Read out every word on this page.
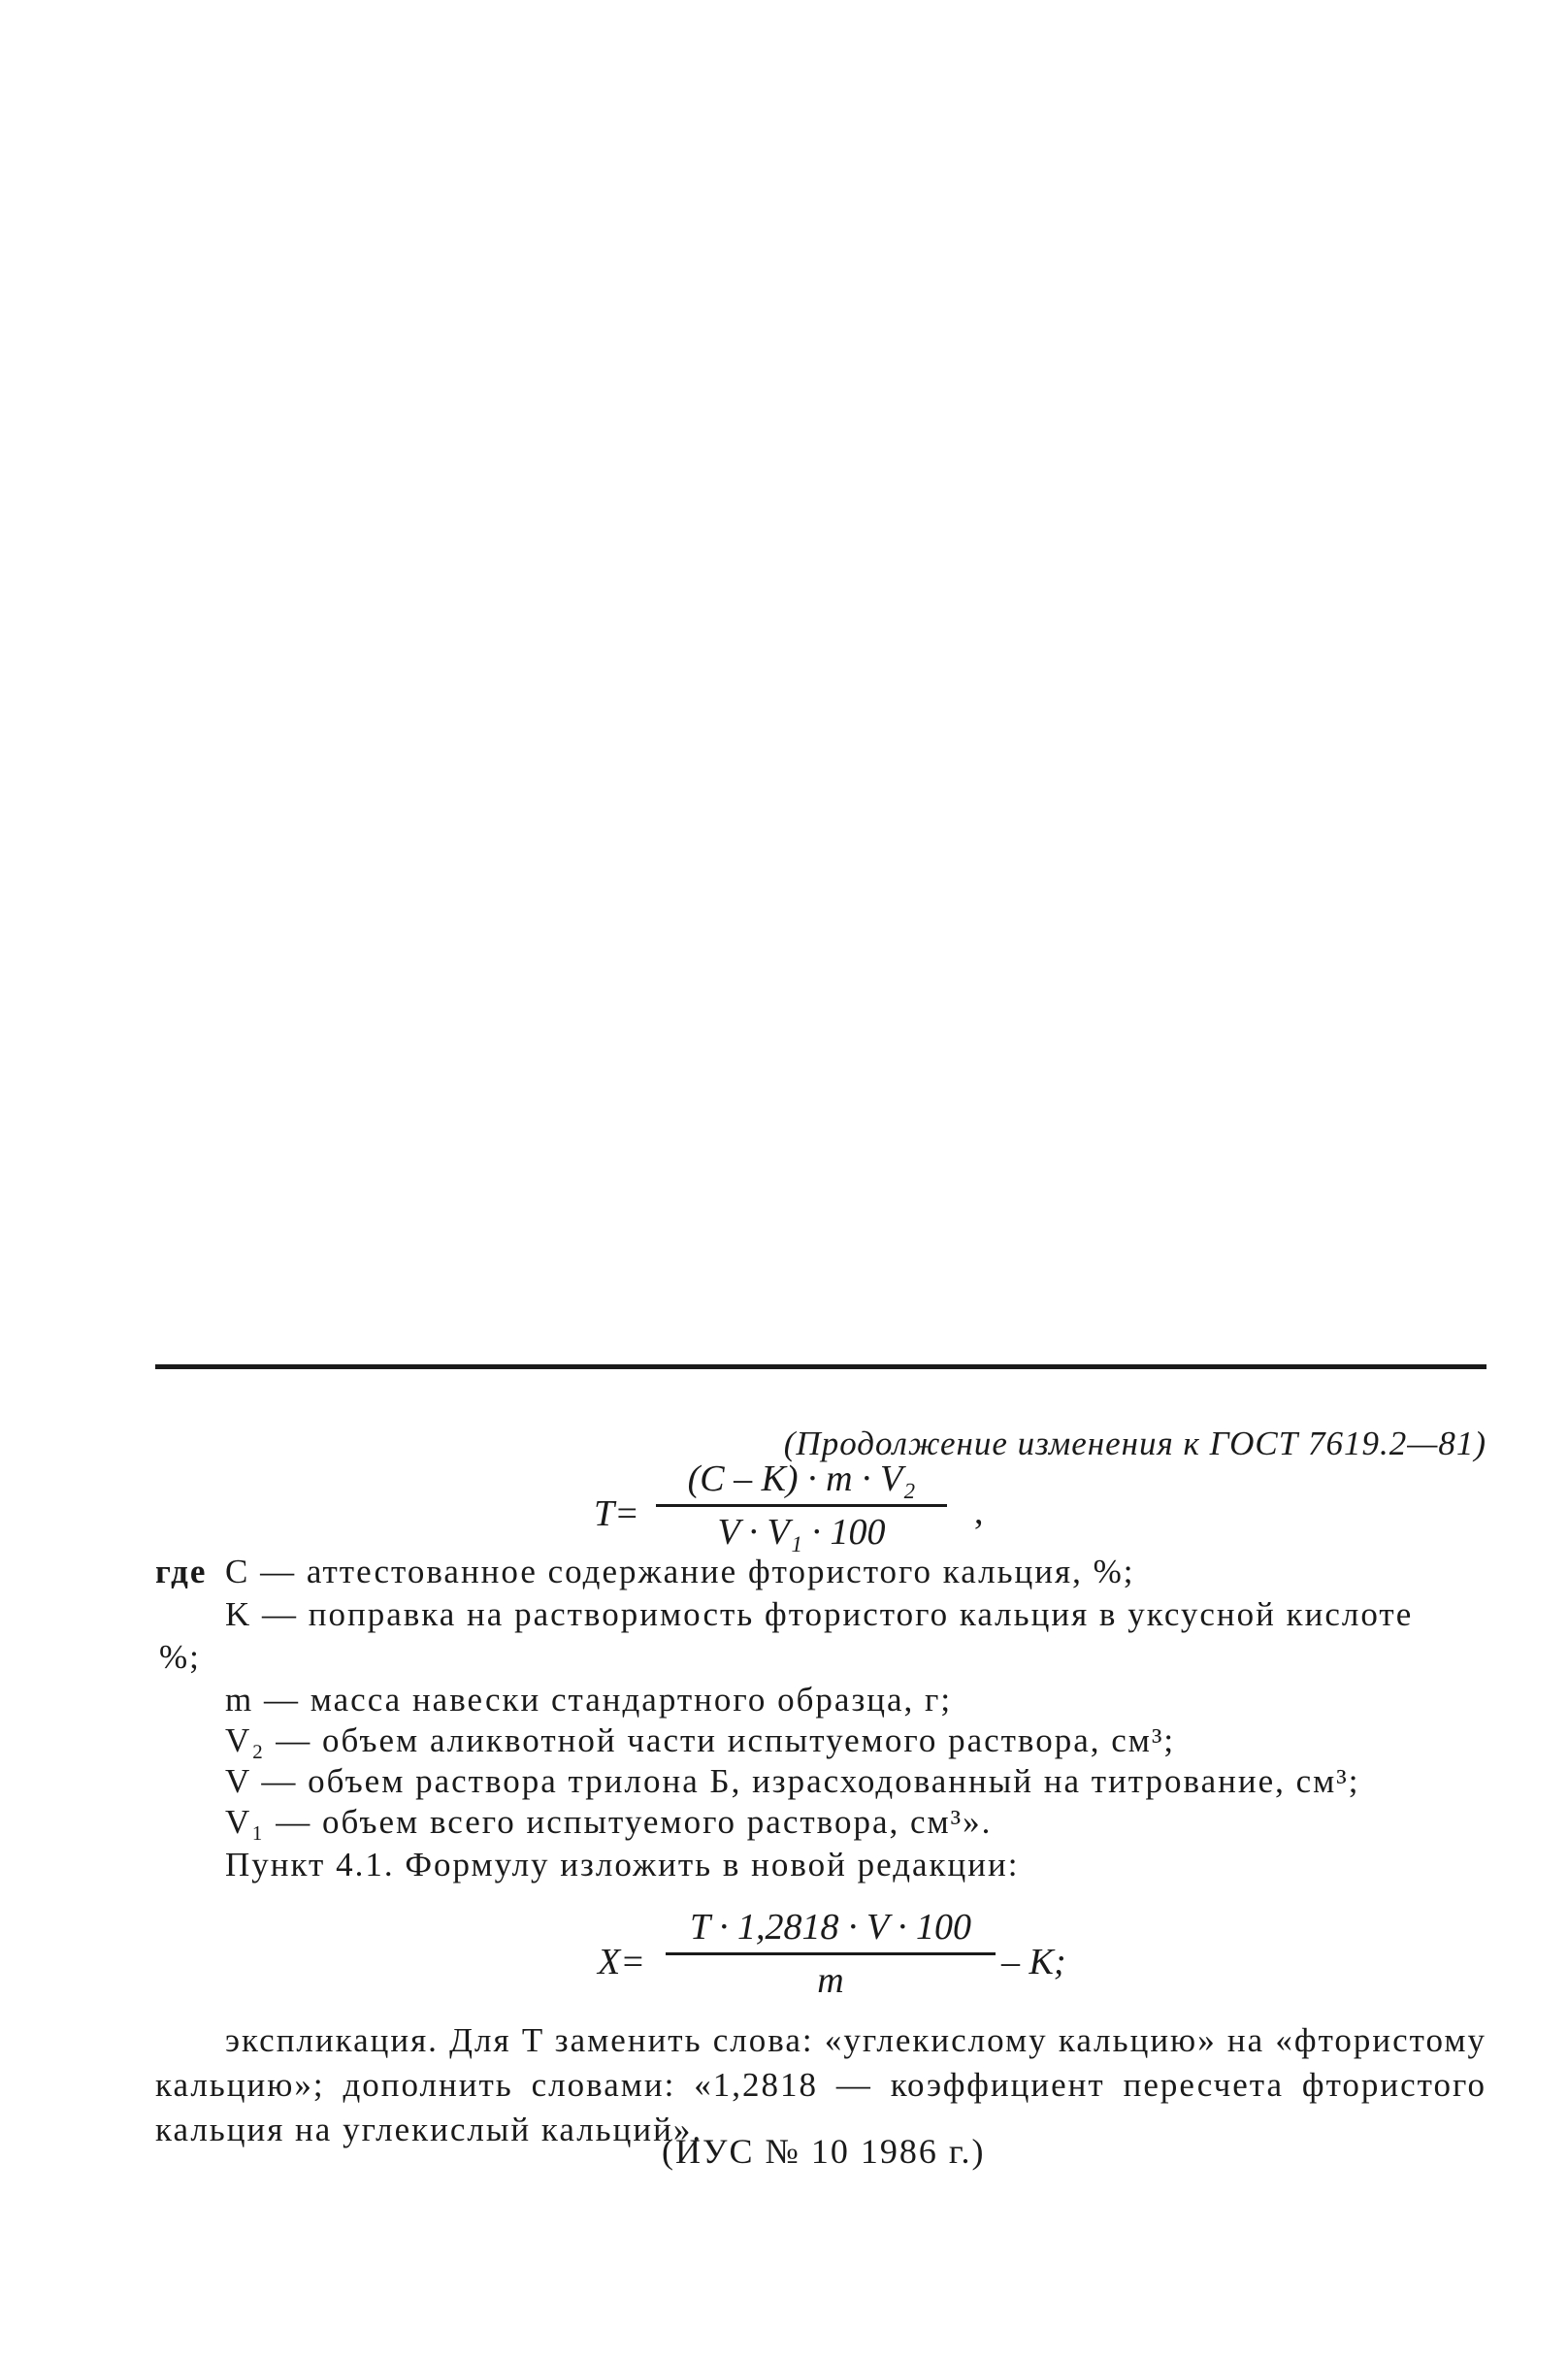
(Продолжение изменения к ГОСТ 7619.2—81)
T=
(C – K) · m · V₂
V · V₁ · 100	,
где C — аттестованное содержание фтористого кальция, %;
K — поправка на растворимость фтористого кальция в уксусной кислоте
%;
m — масса навески стандартного образца, г;
V₂ — объем аликвотной части испытуемого раствора, см³;
V — объем раствора трилона Б, израсходованный на титрование, см³;
V₁ — объем всего испытуемого раствора, см³».
Пункт 4.1. Формулу изложить в новой редакции:
X=
T · 1,2818 · V · 100
m	– K;
экспликация. Для T заменить слова: «углекислому кальцию» на «фтористому кальцию»; дополнить словами: «1,2818 — коэффициент пересчета фтористого кальция на углекислый кальций».
(ИУС № 10 1986 г.)
